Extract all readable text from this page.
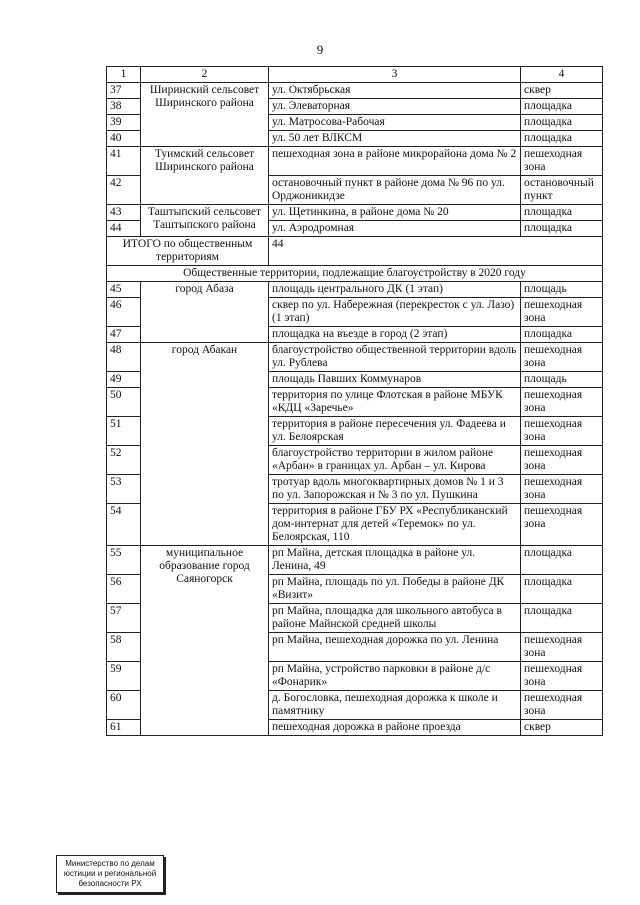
9
1	2	3	4
37	Ширинский сельсовет Ширинского района	ул. Октябрьская	сквер
38		ул. Элеваторная	площадка
39		ул. Матросова-Рабочая	площадка
40		ул. 50 лет ВЛКСМ	площадка
41	Туимский сельсовет Ширинского района	пешеходная зона в районе микрорайона дома № 2	пешеходная зона
42		остановочный пункт в районе дома № 96 по ул. Орджоникидзе	остановочный пункт
43	Таштыпский сельсовет Таштыпского района	ул. Щетинкина, в районе дома № 20	площадка
44		ул. Аэродромная	площадка
ИТОГО по общественным территориям		44	
Общественные территории, подлежащие благоустройству в 2020 году			
45	город Абаза	площадь центрального ДК (1 этап)	площадь
46		сквер по ул. Набережная (перекресток с ул. Лазо) (1 этап)	пешеходная зона
47		площадка на въезде в город (2 этап)	площадка
48	город Абакан	благоустройство общественной территории вдоль ул. Рублева	пешеходная зона
49		площадь Павших Коммунаров	площадь
50		территория по улице Флотская в районе МБУК «КДЦ «Заречье»	пешеходная зона
51		территория в районе пересечения ул. Фадеева и ул. Белоярская	пешеходная зона
52		благоустройство территории в жилом районе «Арбан» в границах ул. Арбан – ул. Кирова	пешеходная зона
53		тротуар вдоль многоквартирных домов № 1 и 3 по ул. Запорожская и № 3 по ул. Пушкина	пешеходная зона
54		территория в районе ГБУ РХ «Республиканский дом-интернат для детей «Теремок» по ул. Белоярская, 110	пешеходная зона
55	муниципальное образование город Саяногорск	рп Майна, детская площадка в районе ул. Ленина, 49	площадка
56		рп Майна, площадь по ул. Победы в районе ДК «Визит»	площадка
57		рп Майна, площадка для школьного автобуса в районе Майнской средней школы	площадка
58		рп Майна, пешеходная дорожка по ул. Ленина	пешеходная зона
59		рп Майна, устройство парковки в районе д/с «Фонарик»	пешеходная зона
60		д. Богословка, пешеходная дорожка к школе и памятнику	пешеходная зона
61		пешеходная дорожка в районе проезда	сквер
Министерство по делам юстиции и региональной безопасности РХ
